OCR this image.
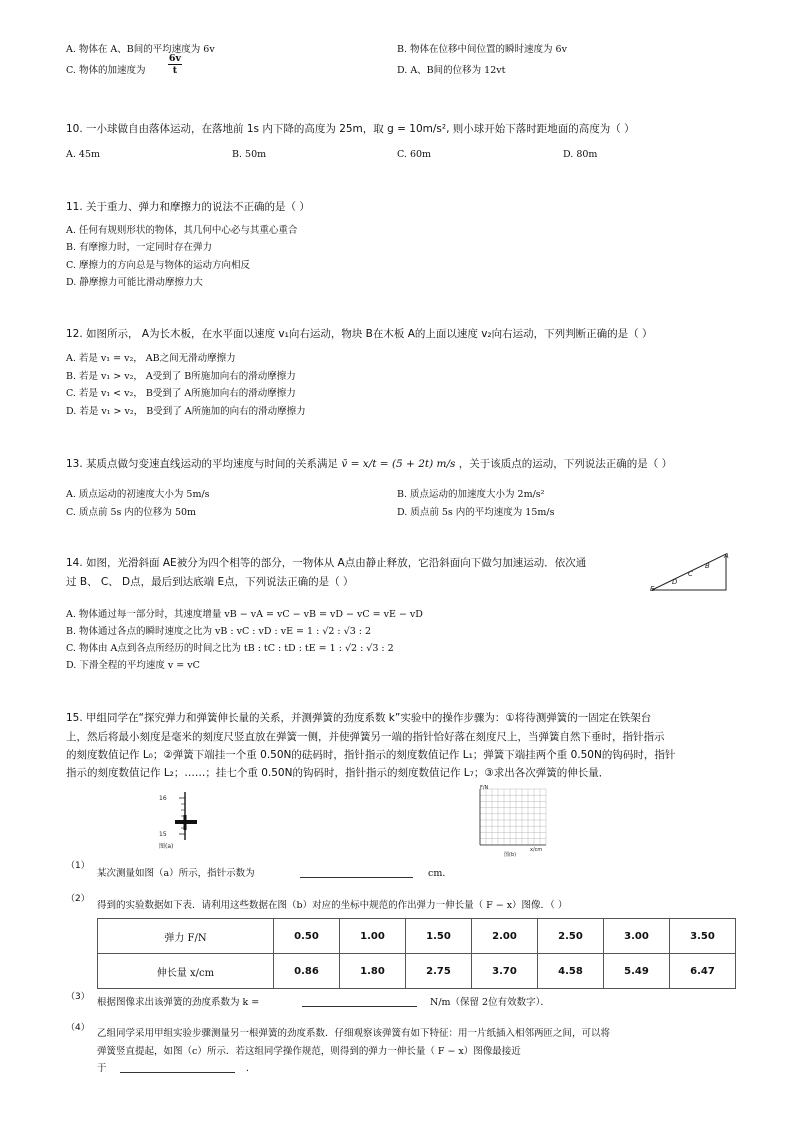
A. 物体在 A、B间的平均速度为 6v	B. 物体在位移中间位置的瞬时速度为 6v
C. 物体的加速度为 $\frac{6v}{t}$	D. A、B间的位移为 12vt
10. 一小球做自由落体运动，在落地前 1s 内下降的高度为 25m，取 g = 10m/s², 则小球开始下落时距地面的高度为（ ）
A. 45m	B. 50m	C. 60m	D. 80m
11. 关于重力、弹力和摩擦力的说法不正确的是（ ）
A. 任何有规则形状的物体，其几何中心必与其重心重合
B. 有摩擦力时，一定同时存在弹力
C. 摩擦力的方向总是与物体的运动方向相反
D. 静摩擦力可能比滑动摩擦力大
12. 如图所示， A为长木板，在水平面以速度 v₁向右运动，物块 B在木板 A的上面以速度 v₂向右运动，下列判断正确的是（ ）
A. 若是 v₁ = v₂， AB之间无滑动摩擦力
B. 若是 v₁ > v₂， A受到了 B所施加向右的滑动摩擦力
C. 若是 v₁ < v₂， B受到了 A所施加向右的滑动摩擦力
D. 若是 v₁ > v₂， B受到了 A所施加的向右的滑动摩擦力
13. 某质点做匀变速直线运动的平均速度与时间的关系满足 v̄ = x/t = (5 + 2t) m/s ，关于该质点的运动，下列说法正确的是（ ）
A. 质点运动的初速度大小为 5m/s	B. 质点运动的加速度大小为 2m/s²
C. 质点前 5s 内的位移为 50m	D. 质点前 5s 内的平均速度为 15m/s
14. 如图，光滑斜面 AE被分为四个相等的部分，一物体从 A点由静止释放，它沿斜面向下做匀加速运动．依次通
过 B、 C、 D点，最后到达底端 E点，下列说法正确的是（ ）
A
B
C
D
E
A. 物体通过每一部分时，其速度增量 vB − vA = vC − vB = vD − vC = vE − vD
B. 物体通过各点的瞬时速度之比为 vB : vC : vD : vE = 1 : √2 : √3 : 2
C. 物体由 A点到各点所经历的时间之比为 tB : tC : tD : tE = 1 : √2 : √3 : 2
D. 下滑全程的平均速度 v = vC
15. 甲组同学在“探究弹力和弹簧伸长量的关系，并测弹簧的劲度系数 k”实验中的操作步骤为：①将待测弹簧的一固定在铁架台
上，然后将最小刻度是毫米的刻度尺竖直放在弹簧一侧，并使弹簧另一端的指针恰好落在刻度尺上，当弹簧自然下垂时，指针指示
的刻度数值记作 L₀；②弹簧下端挂一个重 0.50N的砝码时，指针指示的刻度数值记作 L₁；弹簧下端挂两个重 0.50N的钩码时，指针
指示的刻度数值记作 L₂；……；挂七个重 0.50N的钩码时，指针指示的刻度数值记作 L₇；③求出各次弹簧的伸长量．
16
15
图(a)
F/N
x/cm
图(b)
（1）
某次测量如图（a）所示，指针示数为	cm．
（2）
得到的实验数据如下表．请利用这些数据在图（b）对应的坐标中规范的作出弹力一伸长量（ F − x）图像．（ ）
弹力 F/N	0.50	1.00	1.50	2.00	2.50	3.00	3.50
伸长量 x/cm	0.86	1.80	2.75	3.70	4.58	5.49	6.47
（3） 根据图像求出该弹簧的劲度系数为 k =	N/m（保留 2位有效数字）．
（4） 乙组同学采用甲组实验步骤测量另一根弹簧的劲度系数．仔细观察该弹簧有如下特征：用一片纸插入相邻两匝之间，可以将
弹簧竖直提起，如图（c）所示．若这组同学操作规范，则得到的弹力一伸长量（ F − x）图像最接近
于	．
